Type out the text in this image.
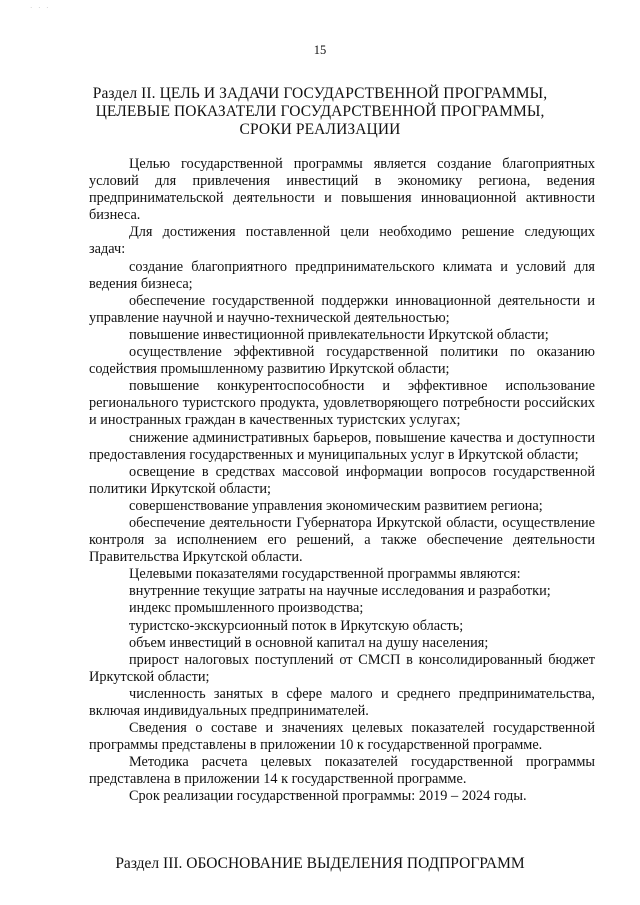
· · ·
15
Раздел II. ЦЕЛЬ И ЗАДАЧИ ГОСУДАРСТВЕННОЙ ПРОГРАММЫ, ЦЕЛЕВЫЕ ПОКАЗАТЕЛИ ГОСУДАРСТВЕННОЙ ПРОГРАММЫ, СРОКИ РЕАЛИЗАЦИИ

Целью государственной программы является создание благоприятных условий для привлечения инвестиций в экономику региона, ведения предпринимательской деятельности и повышения инновационной активности бизнеса.

Для достижения поставленной цели необходимо решение следующих задач:

создание благоприятного предпринимательского климата и условий для ведения бизнеса;

обеспечение государственной поддержки инновационной деятельности и управление научной и научно-технической деятельностью;

повышение инвестиционной привлекательности Иркутской области;

осуществление эффективной государственной политики по оказанию содействия промышленному развитию Иркутской области;

повышение конкурентоспособности и эффективное использование регионального туристского продукта, удовлетворяющего потребности российских и иностранных граждан в качественных туристских услугах;

снижение административных барьеров, повышение качества и доступности предоставления государственных и муниципальных услуг в Иркутской области;

освещение в средствах массовой информации вопросов государственной политики Иркутской области;

совершенствование управления экономическим развитием региона;

обеспечение деятельности Губернатора Иркутской области, осуществление контроля за исполнением его решений, а также обеспечение деятельности Правительства Иркутской области.

Целевыми показателями государственной программы являются:

внутренние текущие затраты на научные исследования и разработки;

индекс промышленного производства;

туристско-экскурсионный поток в Иркутскую область;

объем инвестиций в основной капитал на душу населения;

прирост налоговых поступлений от СМСП в консолидированный бюджет Иркутской области;

численность занятых в сфере малого и среднего предпринимательства, включая индивидуальных предпринимателей.

Сведения о составе и значениях целевых показателей государственной программы представлены в приложении 10 к государственной программе.

Методика расчета целевых показателей государственной программы представлена в приложении 14 к государственной программе.

Срок реализации государственной программы: 2019 – 2024 годы.

Раздел III. ОБОСНОВАНИЕ ВЫДЕЛЕНИЯ ПОДПРОГРАММ
